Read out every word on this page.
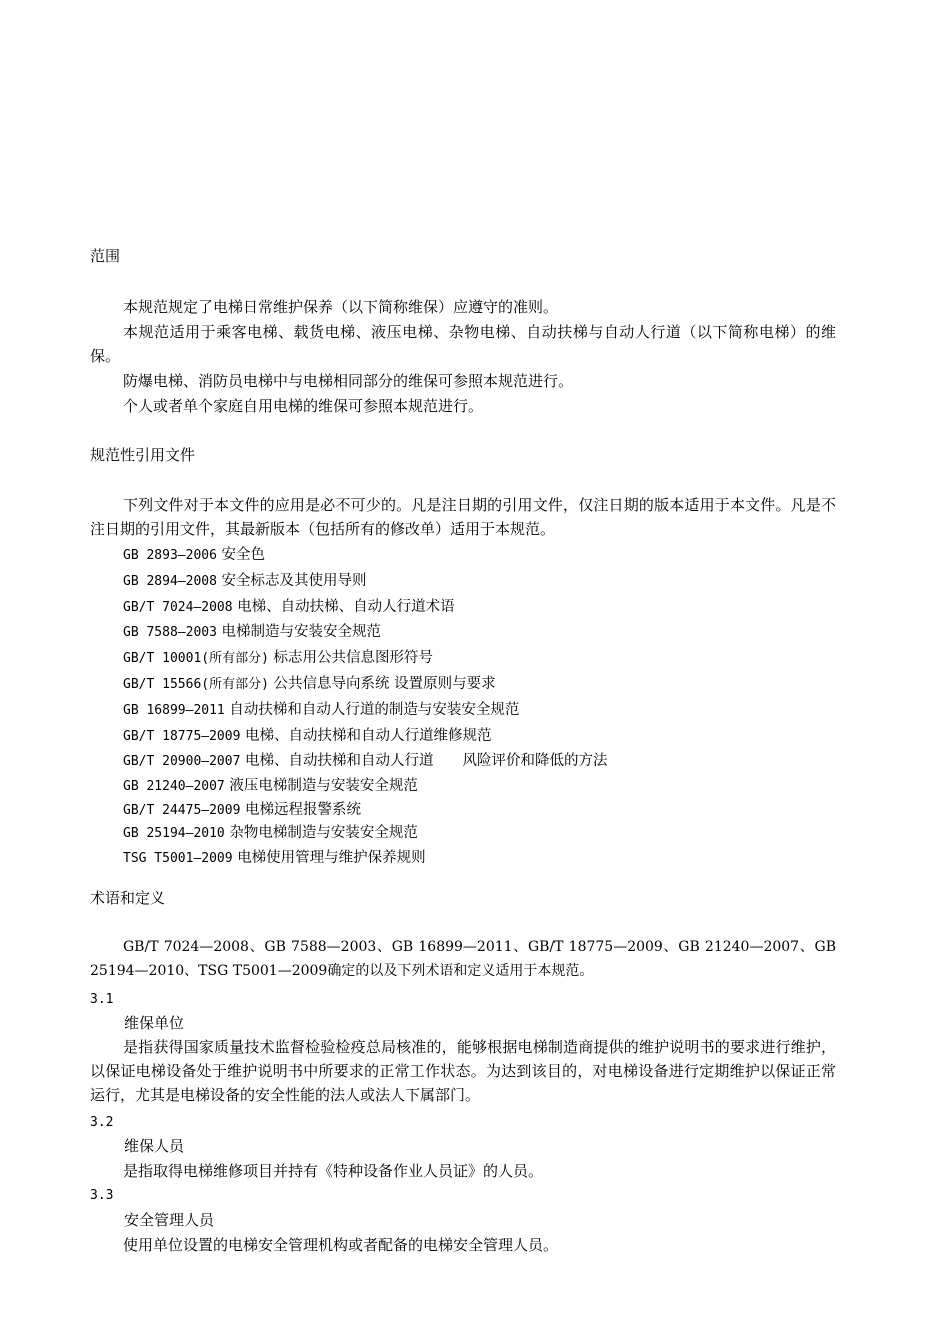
范围

本规范规定了电梯日常维护保养（以下简称维保）应遵守的准则。

本规范适用于乘客电梯、载货电梯、液压电梯、杂物电梯、自动扶梯与自动人行道（以下简称电梯）的维保。

防爆电梯、消防员电梯中与电梯相同部分的维保可参照本规范进行。

个人或者单个家庭自用电梯的维保可参照本规范进行。

规范性引用文件

下列文件对于本文件的应用是必不可少的。凡是注日期的引用文件，仅注日期的版本适用于本文件。凡是不注日期的引用文件，其最新版本（包括所有的修改单）适用于本规范。

GB 2893—2006 安全色
GB 2894—2008 安全标志及其使用导则
GB/T 7024—2008 电梯、自动扶梯、自动人行道术语
GB 7588—2003 电梯制造与安装安全规范
GB/T 10001(所有部分) 标志用公共信息图形符号
GB/T 15566(所有部分) 公共信息导向系统 设置原则与要求
GB 16899—2011 自动扶梯和自动人行道的制造与安装安全规范
GB/T 18775—2009 电梯、自动扶梯和自动人行道维修规范
GB/T 20900—2007 电梯、自动扶梯和自动人行道　　风险评价和降低的方法
GB 21240—2007 液压电梯制造与安装安全规范
GB/T 24475—2009 电梯远程报警系统
GB 25194—2010 杂物电梯制造与安装安全规范
TSG T5001—2009 电梯使用管理与维护保养规则
术语和定义

GB/T 7024—2008、GB 7588—2003、GB 16899—2011、GB/T 18775—2009、GB 21240—2007、GB 25194—2010、TSG T5001—2009确定的以及下列术语和定义适用于本规范。

3.1
维保单位

是指获得国家质量技术监督检验检疫总局核准的，能够根据电梯制造商提供的维护说明书的要求进行维护，以保证电梯设备处于维护说明书中所要求的正常工作状态。为达到该目的，对电梯设备进行定期维护以保证正常运行，尤其是电梯设备的安全性能的法人或法人下属部门。

3.2
维保人员

是指取得电梯维修项目并持有《特种设备作业人员证》的人员。

3.3
安全管理人员

使用单位设置的电梯安全管理机构或者配备的电梯安全管理人员。
